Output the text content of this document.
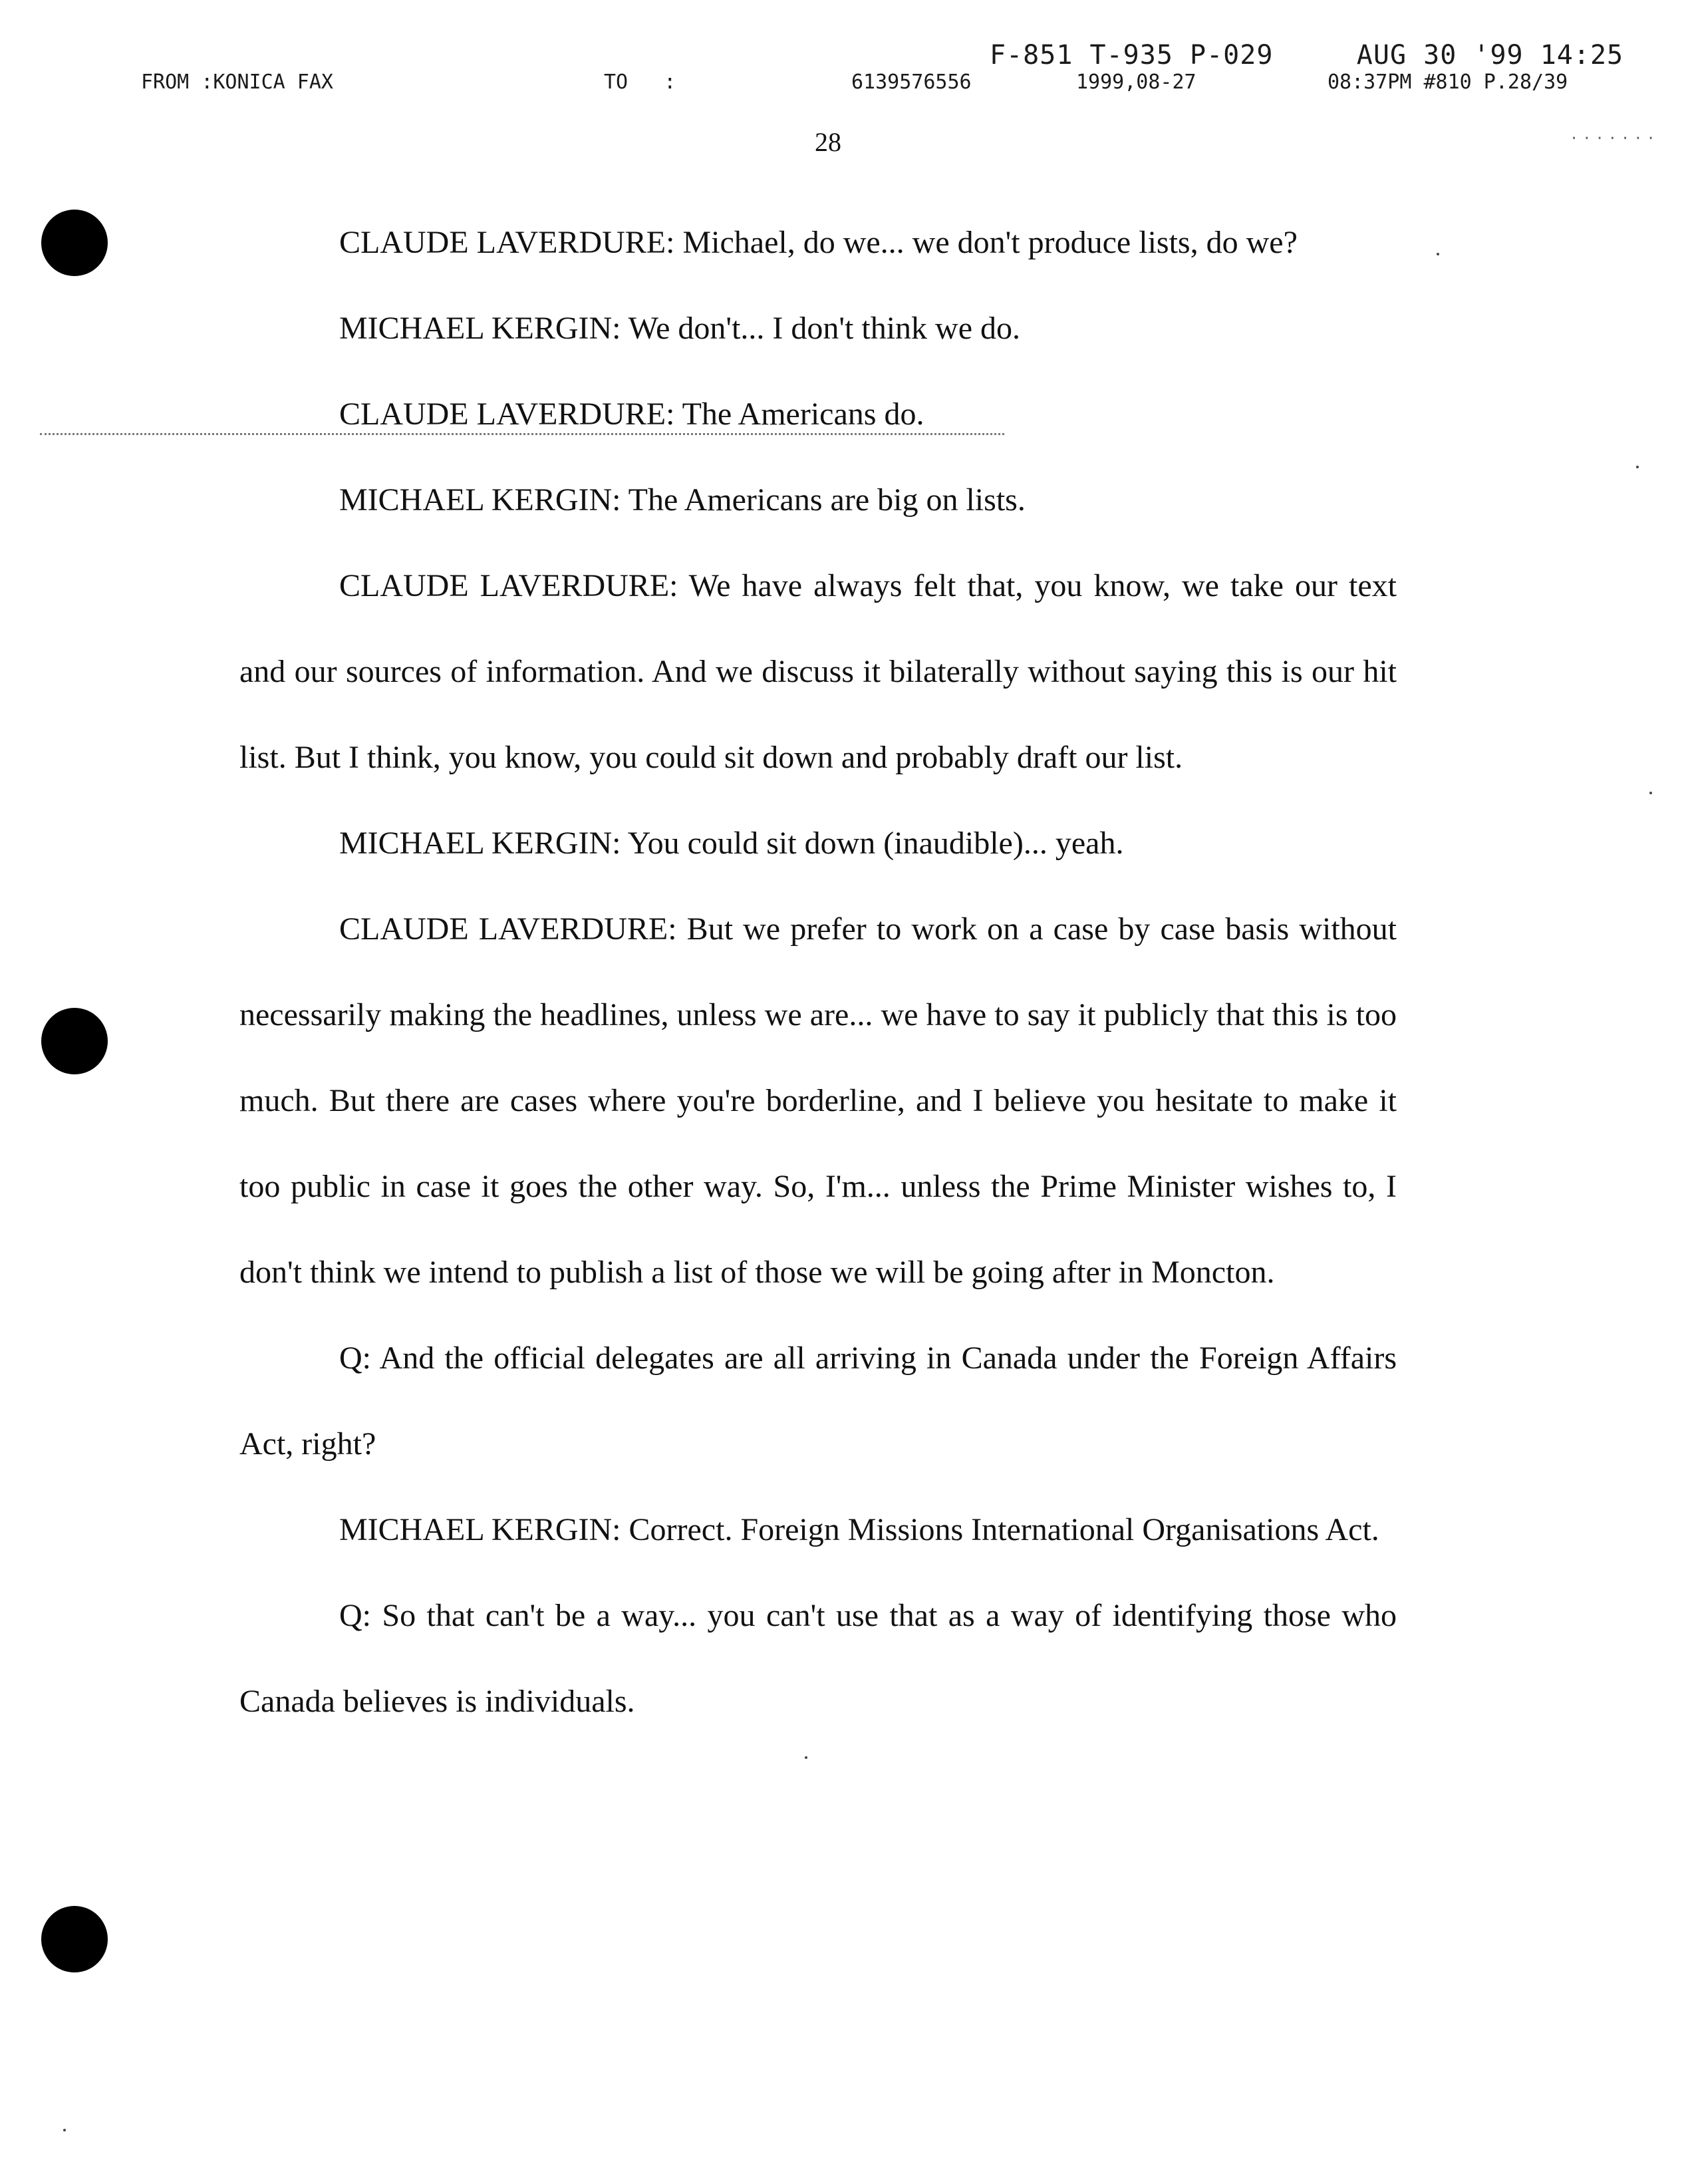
F-851 T-935 P-029     AUG 30 '99 14:25
FROM :KONICA FAX	TO   :	6139576556	1999,08-27	08:37PM #810 P.28/39
.......
28

CLAUDE LAVERDURE: Michael, do we... we don't produce lists, do we?

MICHAEL KERGIN: We don't... I don't think we do.

CLAUDE LAVERDURE: The Americans do.

MICHAEL KERGIN: The Americans are big on lists.

CLAUDE LAVERDURE: We have always felt that, you know, we take our text and our sources of information. And we discuss it bilaterally without saying this is our hit list. But I think, you know, you could sit down and probably draft our list.

MICHAEL KERGIN: You could sit down (inaudible)... yeah.

CLAUDE LAVERDURE: But we prefer to work on a case by case basis without necessarily making the headlines, unless we are... we have to say it publicly that this is too much. But there are cases where you're borderline, and I believe you hesitate to make it too public in case it goes the other way. So, I'm... unless the Prime Minister wishes to, I don't think we intend to publish a list of those we will be going after in Moncton.

Q: And the official delegates are all arriving in Canada under the Foreign Affairs Act, right?

MICHAEL KERGIN: Correct. Foreign Missions International Organisations Act.

Q: So that can't be a way... you can't use that as a way of identifying those who Canada believes is individuals.
